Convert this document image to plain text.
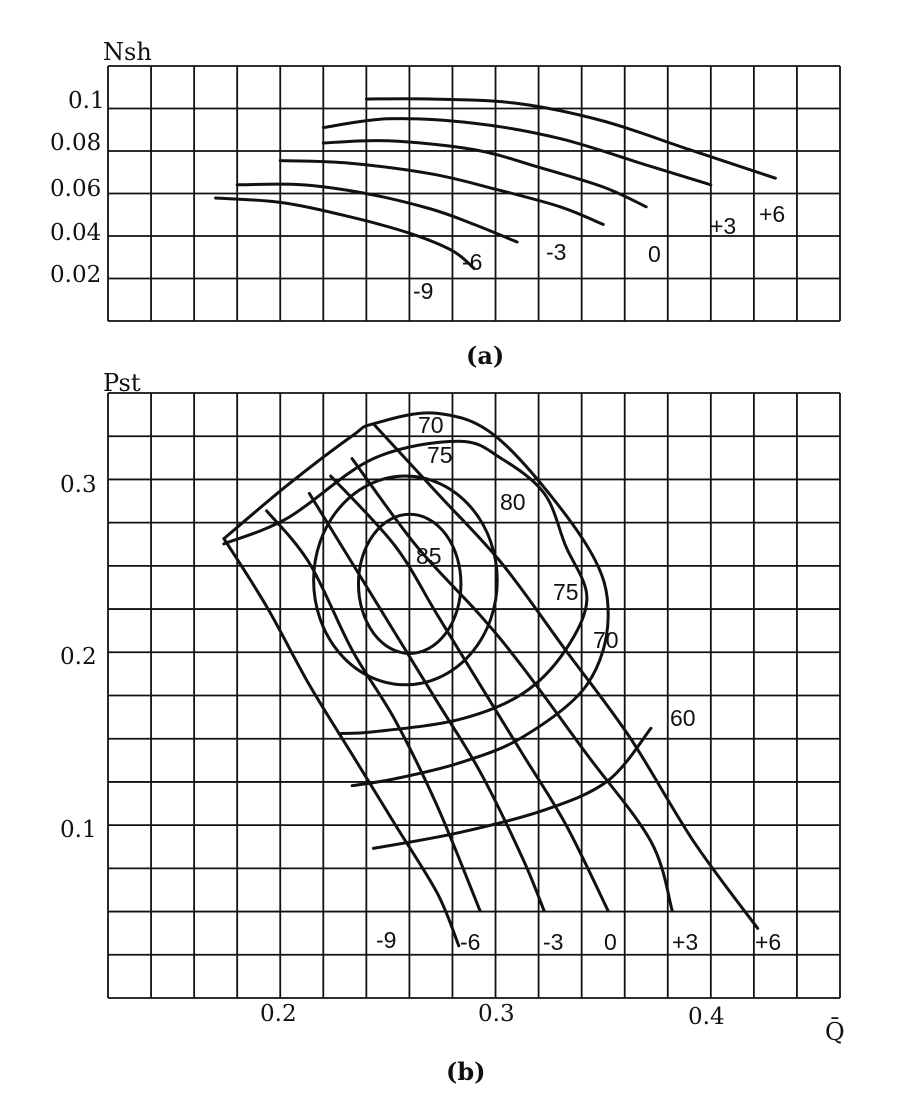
Nsh
0.1
0.08
0.06
0.04
0.02
-9
-6	-3	0
+3 +6
(a)
Pst
0.3
0.2
0.1
0.2	0.3	0.4
Q̄
-9	-6	-3 0 +3 +6
85
80
75
75
70
70
60
(b)
